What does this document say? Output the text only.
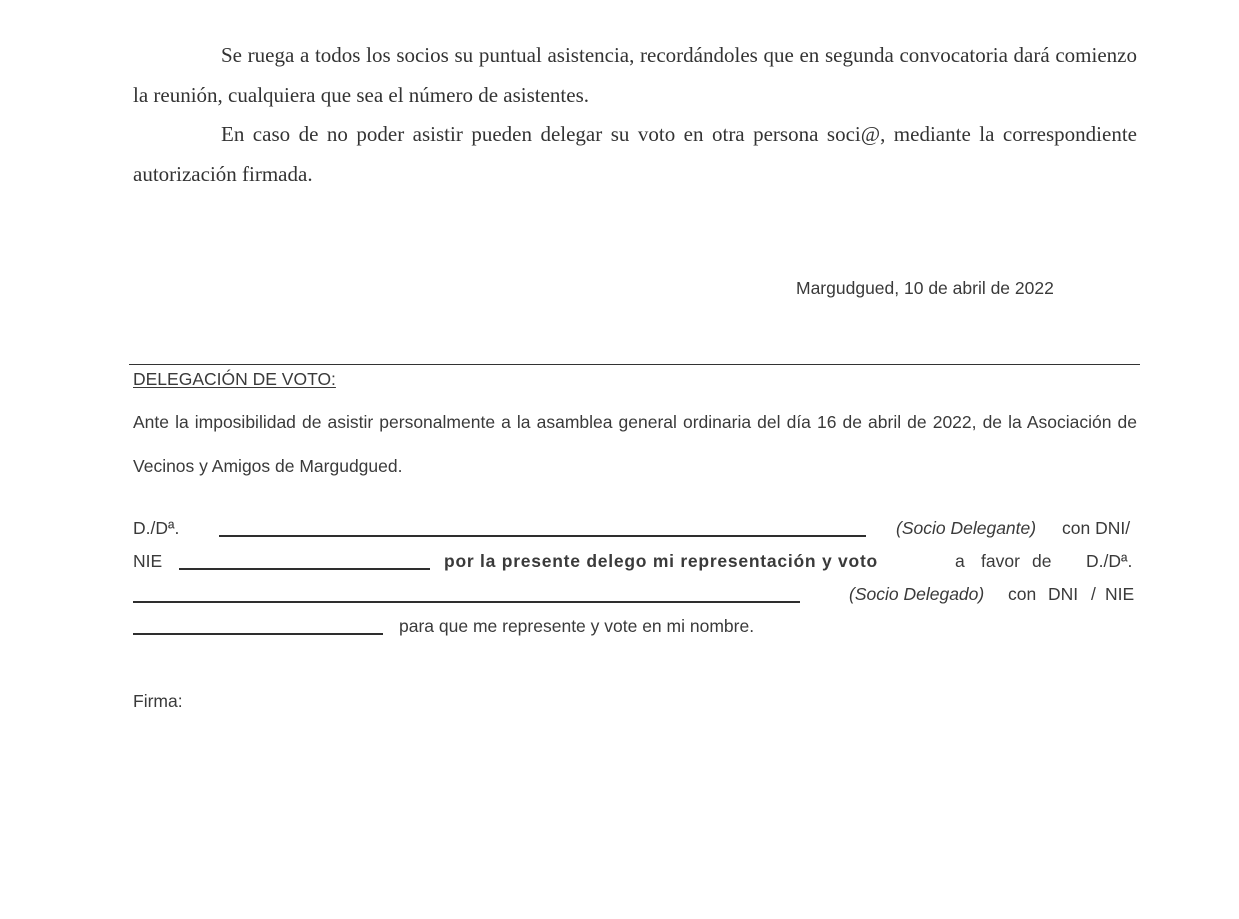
Se ruega a todos los socios su puntual asistencia, recordándoles que en segunda convocatoria dará comienzo la reunión, cualquiera que sea el número de asistentes.

En caso de no poder asistir pueden delegar su voto en otra persona soci@, mediante la correspondiente autorización firmada.

Margudgued, 10 de abril de 2022
DELEGACIÓN DE VOTO:

Ante la imposibilidad de asistir personalmente a la asamblea general ordinaria del día 16 de abril de 2022, de la Asociación de Vecinos y Amigos de Margudgued.

D./Dª.	(Socio Delegante) con DNI/
NIE	por la presente delego mi representación y voto	a favor de D./Dª.
(Socio Delegado) con DNI / NIE
para que me represente y vote en mi nombre.
Firma:
